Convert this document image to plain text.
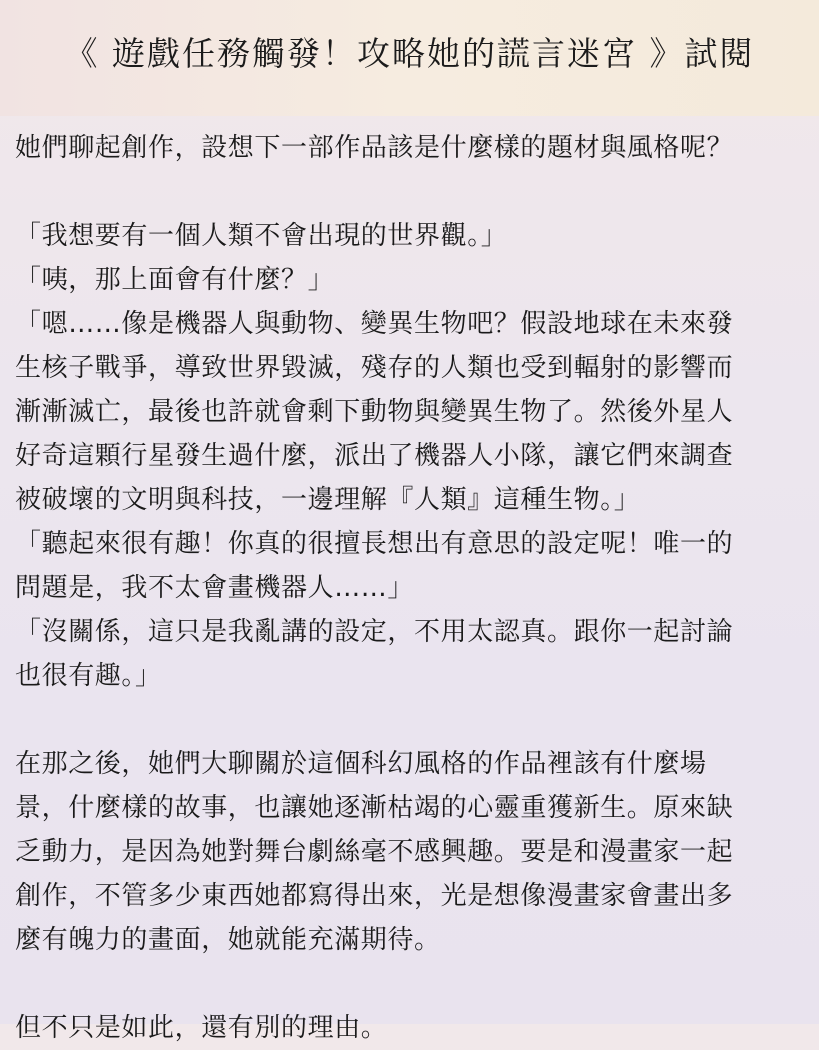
《 遊戲任務觸發！攻略她的謊言迷宮 》試閱
她們聊起創作，設想下一部作品該是什麼樣的題材與風格呢？
「我想要有一個人類不會出現的世界觀。」
「咦，那上面會有什麼？」
「嗯……像是機器人與動物、變異生物吧？假設地球在未來發
生核子戰爭，導致世界毀滅，殘存的人類也受到輻射的影響而
漸漸滅亡，最後也許就會剩下動物與變異生物了。然後外星人
好奇這顆行星發生過什麼，派出了機器人小隊，讓它們來調查
被破壞的文明與科技，一邊理解『人類』這種生物。」
「聽起來很有趣！你真的很擅長想出有意思的設定呢！唯一的
問題是，我不太會畫機器人……」
「沒關係，這只是我亂講的設定，不用太認真。跟你一起討論
也很有趣。」
在那之後，她們大聊關於這個科幻風格的作品裡該有什麼場
景，什麼樣的故事，也讓她逐漸枯竭的心靈重獲新生。原來缺
乏動力，是因為她對舞台劇絲毫不感興趣。要是和漫畫家一起
創作，不管多少東西她都寫得出來，光是想像漫畫家會畫出多
麼有魄力的畫面，她就能充滿期待。
但不只是如此，還有別的理由。
